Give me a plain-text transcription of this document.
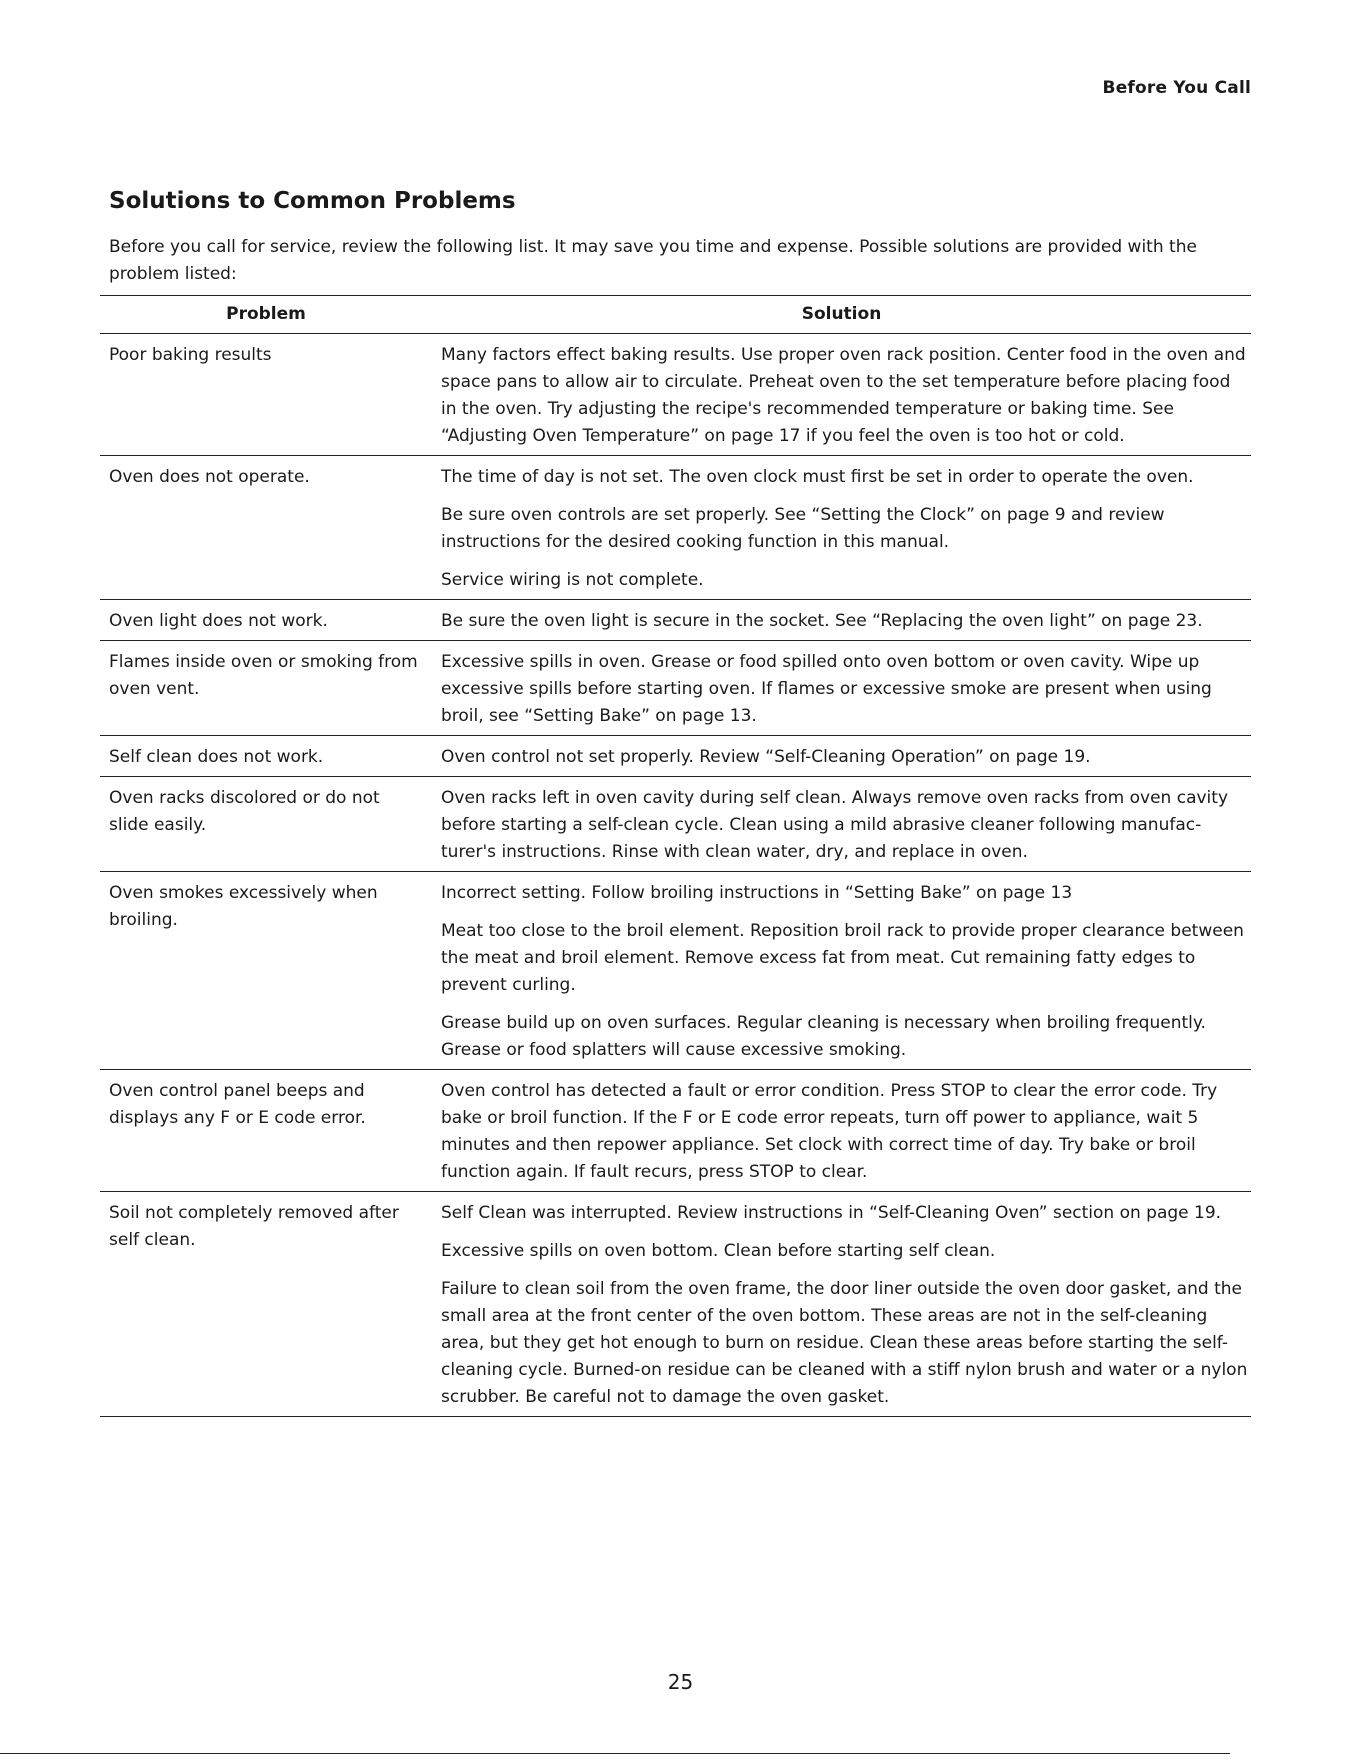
Before You Call
Solutions to Common Problems

Before you call for service, review the following list. It may save you time and expense. Possible solutions are provided with the problem listed:

Problem	Solution
Poor baking results	Many factors effect baking results. Use proper oven rack position. Center food in the oven and space pans to allow air to circulate. Preheat oven to the set temperature before placing food in the oven. Try adjusting the recipe's recommended temperature or baking time. See “Adjusting Oven Temperature” on page 17 if you feel the oven is too hot or cold.

Oven does not operate.	The time of day is not set. The oven clock must first be set in order to operate the oven.

Be sure oven controls are set properly. See “Setting the Clock” on page 9 and review instructions for the desired cooking function in this manual.

Service wiring is not complete.

Oven light does not work.	Be sure the oven light is secure in the socket. See “Replacing the oven light” on page 23.

Flames inside oven or smoking from oven vent.	Excessive spills in oven. Grease or food spilled onto oven bottom or oven cavity. Wipe up excessive spills before starting oven. If flames or excessive smoke are present when using broil, see “Setting Bake” on page 13.

Self clean does not work.	Oven control not set properly. Review “Self-Cleaning Operation” on page 19.

Oven racks discolored or do not slide easily.	Oven racks left in oven cavity during self clean. Always remove oven racks from oven cavity before starting a self-clean cycle. Clean using a mild abrasive cleaner following manufac-turer's instructions. Rinse with clean water, dry, and replace in oven.

Oven smokes excessively when broiling.	Incorrect setting. Follow broiling instructions in “Setting Bake” on page 13

Meat too close to the broil element. Reposition broil rack to provide proper clearance between the meat and broil element. Remove excess fat from meat. Cut remaining fatty edges to prevent curling.

Grease build up on oven surfaces. Regular cleaning is necessary when broiling frequently. Grease or food splatters will cause excessive smoking.

Oven control panel beeps and displays any F or E code error.	Oven control has detected a fault or error condition. Press STOP to clear the error code. Try bake or broil function. If the F or E code error repeats, turn off power to appliance, wait 5 minutes and then repower appliance. Set clock with correct time of day. Try bake or broil function again. If fault recurs, press STOP to clear.

Soil not completely removed after self clean.	Self Clean was interrupted. Review instructions in “Self-Cleaning Oven” section on page 19.

Excessive spills on oven bottom. Clean before starting self clean.

Failure to clean soil from the oven frame, the door liner outside the oven door gasket, and the small area at the front center of the oven bottom. These areas are not in the self-cleaning area, but they get hot enough to burn on residue. Clean these areas before starting the self-cleaning cycle. Burned-on residue can be cleaned with a stiff nylon brush and water or a nylon scrubber. Be careful not to damage the oven gasket.

25
